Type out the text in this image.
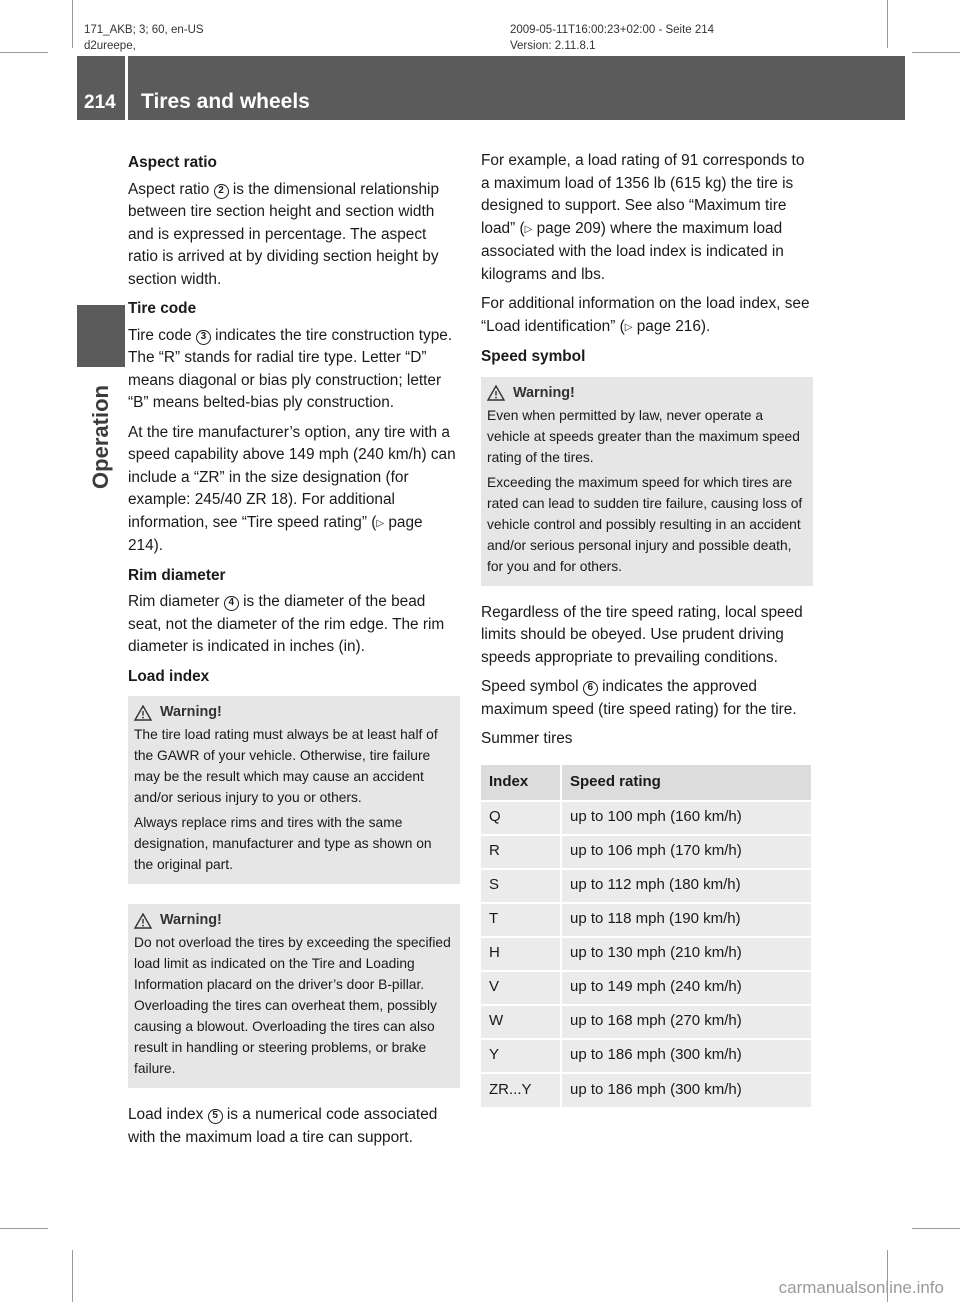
171_AKB; 3; 60, en-US
d2ureepe,
2009-05-11T16:00:23+02:00 - Seite 214
Version: 2.11.8.1
214 Tires and wheels
Operation
Aspect ratio

Aspect ratio 2 is the dimensional relationship between tire section height and section width and is expressed in percentage. The aspect ratio is arrived at by dividing section height by section width.

Tire code

Tire code 3 indicates the tire construction type. The “R” stands for radial tire type. Letter “D” means diagonal or bias ply construction; letter “B” means belted-bias ply construction.

At the tire manufacturer’s option, any tire with a speed capability above 149 mph (240 km/h) can include a “ZR” in the size designation (for example: 245/40 ZR 18). For additional information, see “Tire speed rating” (▷ page 214).

Rim diameter

Rim diameter 4 is the diameter of the bead seat, not the diameter of the rim edge. The rim diameter is indicated in inches (in).

Load index
Warning!

The tire load rating must always be at least half of the GAWR of your vehicle. Otherwise, tire failure may be the result which may cause an accident and/or serious injury to you or others.

Always replace rims and tires with the same designation, manufacturer and type as shown on the original part.

Warning!

Do not overload the tires by exceeding the specified load limit as indicated on the Tire and Loading Information placard on the driver’s door B-pillar. Overloading the tires can overheat them, possibly causing a blowout. Overloading the tires can also result in handling or steering problems, or brake failure.

Load index 5 is a numerical code associated with the maximum load a tire can support.

For example, a load rating of 91 corresponds to a maximum load of 1356 lb (615 kg) the tire is designed to support. See also “Maximum tire load” (▷ page 209) where the maximum load associated with the load index is indicated in kilograms and lbs.

For additional information on the load index, see “Load identification” (▷ page 216).

Speed symbol
Warning!

Even when permitted by law, never operate a vehicle at speeds greater than the maximum speed rating of the tires.

Exceeding the maximum speed for which tires are rated can lead to sudden tire failure, causing loss of vehicle control and possibly resulting in an accident and/or serious personal injury and possible death, for you and for others.

Regardless of the tire speed rating, local speed limits should be obeyed. Use prudent driving speeds appropriate to prevailing conditions.

Speed symbol 6 indicates the approved maximum speed (tire speed rating) for the tire.

Summer tires

Index	Speed rating
Q	up to 100 mph (160 km/h)
R	up to 106 mph (170 km/h)
S	up to 112 mph (180 km/h)
T	up to 118 mph (190 km/h)
H	up to 130 mph (210 km/h)
V	up to 149 mph (240 km/h)
W	up to 168 mph (270 km/h)
Y	up to 186 mph (300 km/h)
ZR...Y	up to 186 mph (300 km/h)
carmanualsonline.info
